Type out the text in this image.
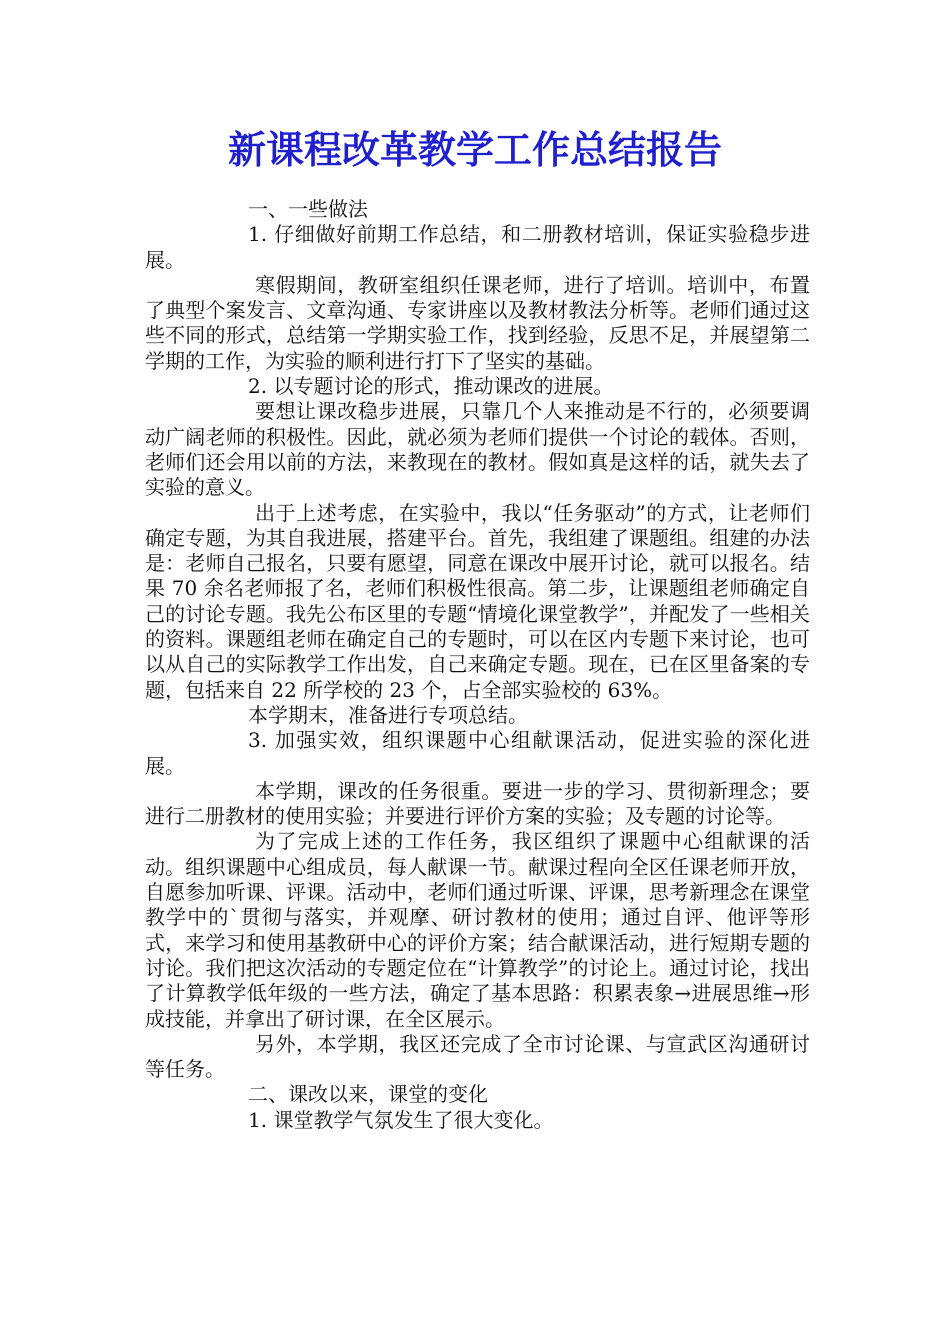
新课程改革教学工作总结报告

一、一些做法

1. 仔细做好前期工作总结，和二册教材培训，保证实验稳步进展。

寒假期间，教研室组织任课老师，进行了培训。培训中，布置了典型个案发言、文章沟通、专家讲座以及教材教法分析等。老师们通过这些不同的形式，总结第一学期实验工作，找到经验，反思不足，并展望第二学期的工作，为实验的顺利进行打下了坚实的基础。

2. 以专题讨论的形式，推动课改的进展。

要想让课改稳步进展，只靠几个人来推动是不行的，必须要调动广阔老师的积极性。因此，就必须为老师们提供一个讨论的载体。否则，老师们还会用以前的方法，来教现在的教材。假如真是这样的话，就失去了实验的意义。

出于上述考虑，在实验中，我以“任务驱动”的方式，让老师们确定专题，为其自我进展，搭建平台。首先，我组建了课题组。组建的办法是：老师自己报名，只要有愿望，同意在课改中展开讨论，就可以报名。结果 70 余名老师报了名，老师们积极性很高。第二步，让课题组老师确定自己的讨论专题。我先公布区里的专题“情境化课堂教学”，并配发了一些相关的资料。课题组老师在确定自己的专题时，可以在区内专题下来讨论，也可以从自己的实际教学工作出发，自己来确定专题。现在，已在区里备案的专题，包括来自 22 所学校的 23 个，占全部实验校的 63%。

本学期末，准备进行专项总结。

3. 加强实效，组织课题中心组献课活动，促进实验的深化进展。

本学期，课改的任务很重。要进一步的学习、贯彻新理念；要进行二册教材的使用实验；并要进行评价方案的实验；及专题的讨论等。

为了完成上述的工作任务，我区组织了课题中心组献课的活动。组织课题中心组成员，每人献课一节。献课过程向全区任课老师开放，自愿参加听课、评课。活动中，老师们通过听课、评课，思考新理念在课堂教学中的`贯彻与落实，并观摩、研讨教材的使用；通过自评、他评等形式，来学习和使用基教研中心的评价方案；结合献课活动，进行短期专题的讨论。我们把这次活动的专题定位在“计算教学”的讨论上。通过讨论，找出了计算教学低年级的一些方法，确定了基本思路：积累表象→进展思维→形成技能，并拿出了研讨课，在全区展示。

另外，本学期，我区还完成了全市讨论课、与宣武区沟通研讨等任务。

二、课改以来，课堂的变化

1. 课堂教学气氛发生了很大变化。
